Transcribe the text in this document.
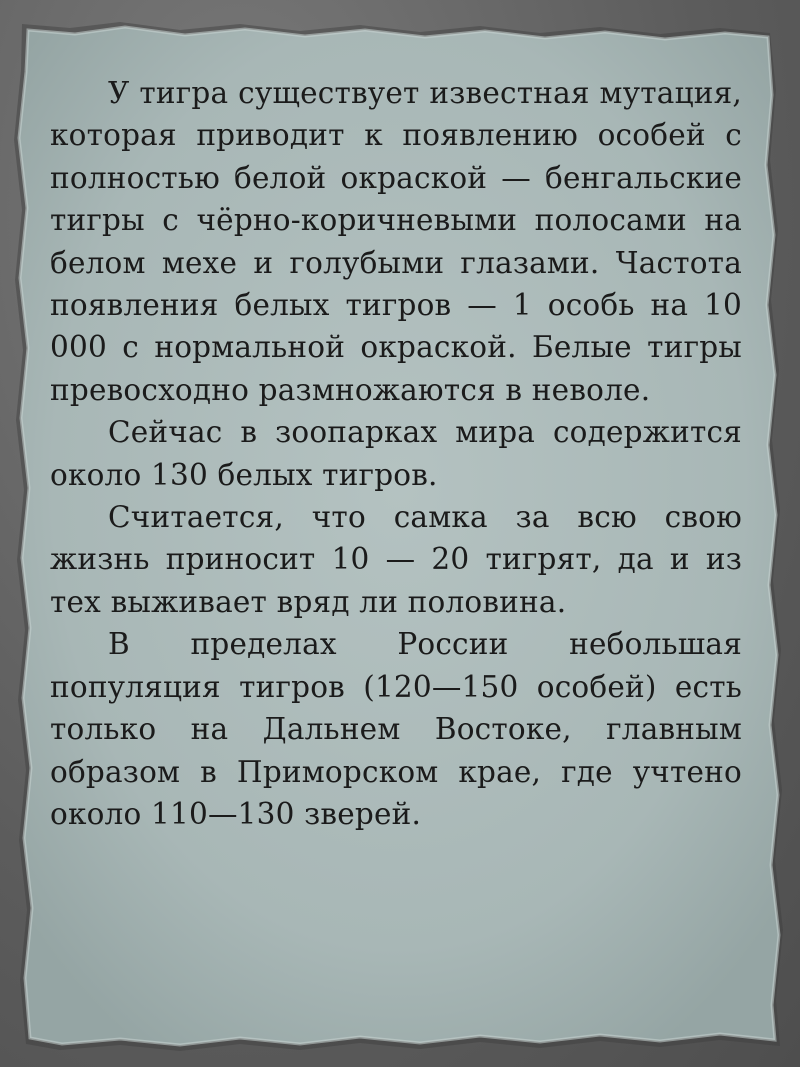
У тигра существует известная мутация, которая приводит к появлению особей с полностью белой окраской — бенгальские тигры с чёрно-коричневыми полосами на белом мехе и голубыми глазами. Частота появления белых тигров — 1 особь на 10 000 с нормальной окраской. Белые тигры превосходно размножаются в неволе.

Сейчас в зоопарках мира содержится около 130 белых тигров.

Считается, что самка за всю свою жизнь приносит 10 — 20 тигрят, да и из тех выживает вряд ли половина.

В пределах России небольшая популяция тигров (120—150 особей) есть только на Дальнем Востоке, главным образом в Приморском крае, где учтено около 110—130 зверей.
